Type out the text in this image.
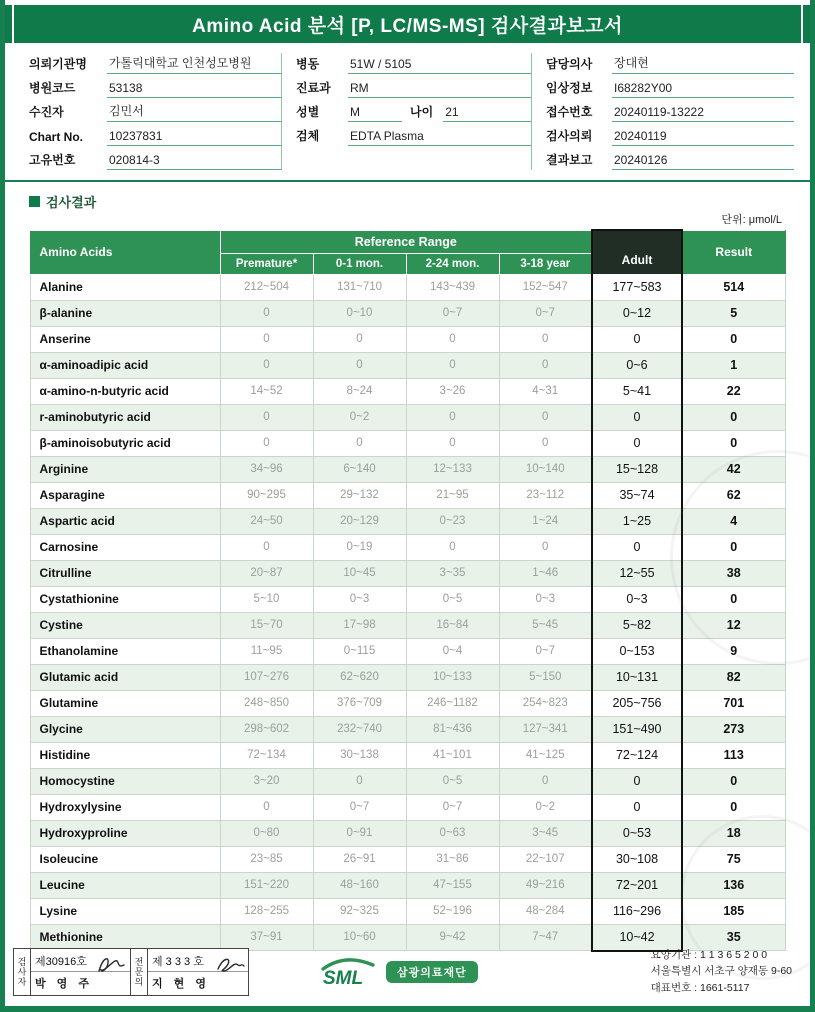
Amino Acid 분석 [P, LC/MS-MS] 검사결과보고서
의뢰기관명	가톨릭대학교 인천성모병원
병원코드	53138
수진자	김민서
Chart No.	10237831
고유번호	020814-3
병동	51W / 5105
진료과	RM
성별	M	나이 21
검체	EDTA Plasma
담당의사	장대현
임상정보	I68282Y00
접수번호	20240119-13222
검사의뢰	20240119
결과보고	20240126
검사결과
단위: μmol/L
Amino Acids	Reference Range				Adult	Result
	Premature*	0-1 mon.	2-24 mon.	3-18 year		
Alanine	212~504	131~710	143~439	152~547	177~583	514
β-alanine	0	0~10	0~7	0~7	0~12	5
Anserine	0	0	0	0	0	0
α-aminoadipic acid	0	0	0	0	0~6	1
α-amino-n-butyric acid	14~52	8~24	3~26	4~31	5~41	22
r-aminobutyric acid	0	0~2	0	0	0	0
β-aminoisobutyric acid	0	0	0	0	0	0
Arginine	34~96	6~140	12~133	10~140	15~128	42
Asparagine	90~295	29~132	21~95	23~112	35~74	62
Aspartic acid	24~50	20~129	0~23	1~24	1~25	4
Carnosine	0	0~19	0	0	0	0
Citrulline	20~87	10~45	3~35	1~46	12~55	38
Cystathionine	5~10	0~3	0~5	0~3	0~3	0
Cystine	15~70	17~98	16~84	5~45	5~82	12
Ethanolamine	11~95	0~115	0~4	0~7	0~153	9
Glutamic acid	107~276	62~620	10~133	5~150	10~131	82
Glutamine	248~850	376~709	246~1182	254~823	205~756	701
Glycine	298~602	232~740	81~436	127~341	151~490	273
Histidine	72~134	30~138	41~101	41~125	72~124	113
Homocystine	3~20	0	0~5	0	0	0
Hydroxylysine	0	0~7	0~7	0~2	0	0
Hydroxyproline	0~80	0~91	0~63	3~45	0~53	18
Isoleucine	23~85	26~91	31~86	22~107	30~108	75
Leucine	151~220	48~160	47~155	49~216	72~201	136
Lysine	128~255	92~325	52~196	48~284	116~296	185
Methionine	37~91	10~60	9~42	7~47	10~42	35
검사자 제30916호
박 영 주	전문의 제 3 3 3 호
지 현 영	SML	삼광의료재단
요양기관 : 1 1 3 6 5 2 0 0
서울특별시 서초구 양재동 9-60
대표번호 : 1661-5117
